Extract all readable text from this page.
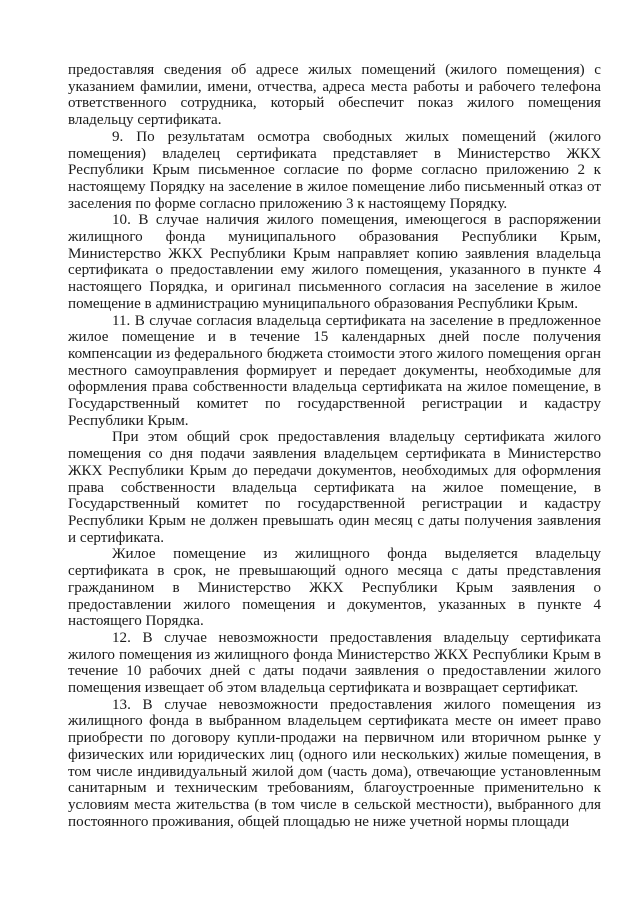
предоставляя сведения об адресе жилых помещений (жилого помещения) с указанием фамилии, имени, отчества, адреса места работы и рабочего телефона ответственного сотрудника, который обеспечит показ жилого помещения владельцу сертификата.

9. По результатам осмотра свободных жилых помещений (жилого помещения) владелец сертификата представляет в Министерство ЖКХ Республики Крым письменное согласие по форме согласно приложению 2 к настоящему Порядку на заселение в жилое помещение либо письменный отказ от заселения по форме согласно приложению 3 к настоящему Порядку.

10. В случае наличия жилого помещения, имеющегося в распоряжении жилищного фонда муниципального образования Республики Крым, Министерство ЖКХ Республики Крым направляет копию заявления владельца сертификата о предоставлении ему жилого помещения, указанного в пункте 4 настоящего Порядка, и оригинал письменного согласия на заселение в жилое помещение в администрацию муниципального образования Республики Крым.

11. В случае согласия владельца сертификата на заселение в предложенное жилое помещение и в течение 15 календарных дней после получения компенсации из федерального бюджета стоимости этого жилого помещения орган местного самоуправления формирует и передает документы, необходимые для оформления права собственности владельца сертификата на жилое помещение, в Государственный комитет по государственной регистрации и кадастру Республики Крым.

При этом общий срок предоставления владельцу сертификата жилого помещения со дня подачи заявления владельцем сертификата в Министерство ЖКХ Республики Крым до передачи документов, необходимых для оформления права собственности владельца сертификата на жилое помещение, в Государственный комитет по государственной регистрации и кадастру Республики Крым не должен превышать один месяц с даты получения заявления и сертификата.

Жилое помещение из жилищного фонда выделяется владельцу сертификата в срок, не превышающий одного месяца с даты представления гражданином в Министерство ЖКХ Республики Крым заявления о предоставлении жилого помещения и документов, указанных в пункте 4 настоящего Порядка.

12. В случае невозможности предоставления владельцу сертификата жилого помещения из жилищного фонда Министерство ЖКХ Республики Крым в течение 10 рабочих дней с даты подачи заявления о предоставлении жилого помещения извещает об этом владельца сертификата и возвращает сертификат.

13. В случае невозможности предоставления жилого помещения из жилищного фонда в выбранном владельцем сертификата месте он имеет право приобрести по договору купли-продажи на первичном или вторичном рынке у физических или юридических лиц (одного или нескольких) жилые помещения, в том числе индивидуальный жилой дом (часть дома), отвечающие установленным санитарным и техническим требованиям, благоустроенные применительно к условиям места жительства (в том числе в сельской местности), выбранного для постоянного проживания, общей площадью не ниже учетной нормы площади
